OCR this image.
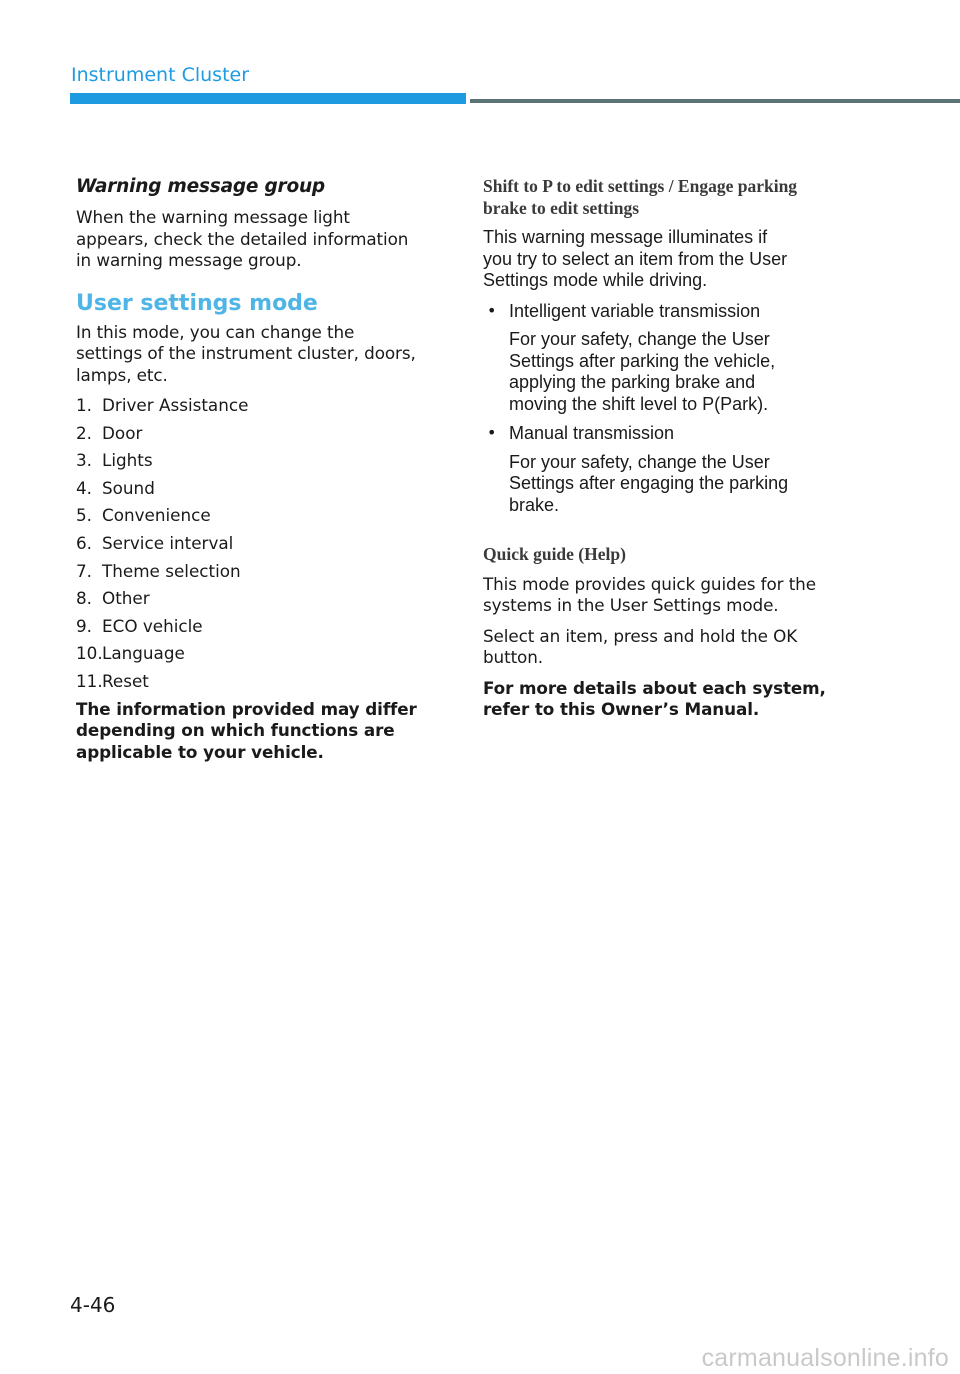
Instrument Cluster
Warning message group
When the warning message light
appears, check the detailed information
in warning message group.
User settings mode
In this mode, you can change the
settings of the instrument cluster, doors,
lamps, etc.
1. Driver Assistance
2. Door
3. Lights
4. Sound
5. Convenience
6. Service interval
7. Theme selection
8. Other
9. ECO vehicle
10. Language
11. Reset
The information provided may differ
depending on which functions are
applicable to your vehicle.
Shift to P to edit settings / Engage parking
brake to edit settings
This warning message illuminates if
you try to select an item from the User
Settings mode while driving.
• Intelligent variable transmission
For your safety, change the User
Settings after parking the vehicle,
applying the parking brake and
moving the shift level to P(Park).
• Manual transmission
For your safety, change the User
Settings after engaging the parking
brake.
Quick guide (Help)
This mode provides quick guides for the
systems in the User Settings mode.
Select an item, press and hold the OK
button.
For more details about each system,
refer to this Owner’s Manual.
4-46
carmanualsonline.info
